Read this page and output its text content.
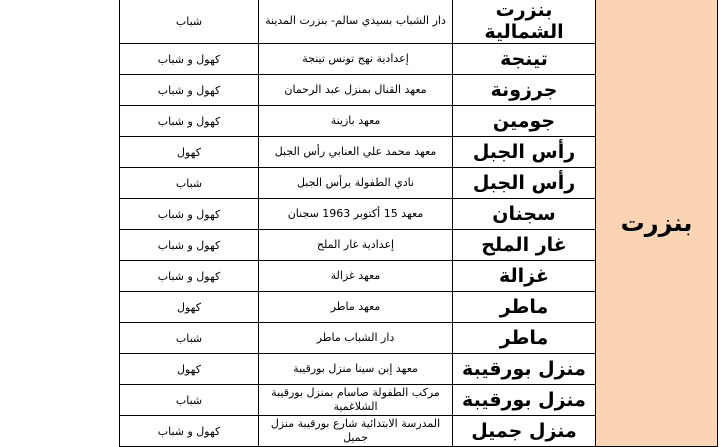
بنزرت	بنزرت الشمالية	دار الشباب بسيدي سالم- بنزرت المدينة	شباب
	تينجة	إعدادية نهج تونس تينجة	كهول و شباب
	جرزونة	معهد القنال بمنزل عبد الرحمان	كهول و شباب
	جومين	معهد بازينة	كهول و شباب
	رأس الجبل	معهد محمد علي العنابي رأس الجبل	كهول
	رأس الجبل	نادي الطفولة برأس الجبل	شباب
	سجنان	معهد 15 أكتوبر 1963 سجنان	كهول و شباب
	غار الملح	إعدادية غار الملح	كهول و شباب
	غزالة	معهد غزالة	كهول و شباب
	ماطر	معهد ماطر	كهول
	ماطر	دار الشباب ماطر	شباب
	منزل بورقيبة	معهد إبن سينا منزل بورقيبة	كهول
	منزل بورقيبة	مركب الطفولة صاسام بمنزل بورقيبة الشلاغمية	شباب
	منزل جميل	المدرسة الابتدائية شارع بورقيبة منزل جميل	كهول و شباب
